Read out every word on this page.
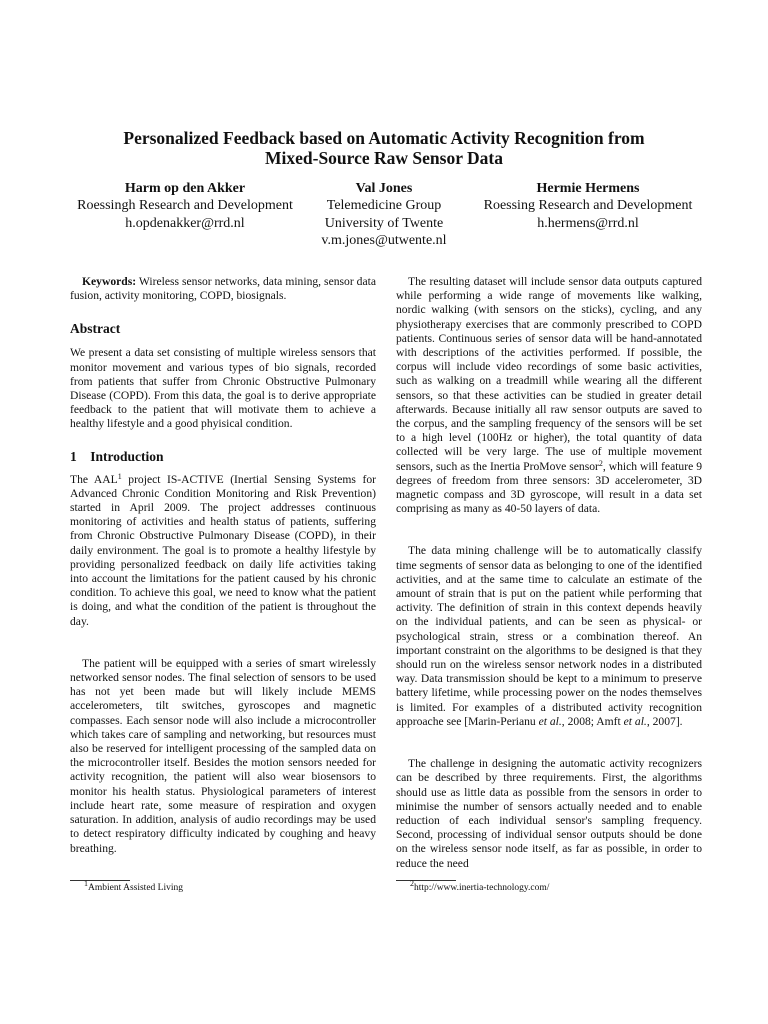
Personalized Feedback based on Automatic Activity Recognition from
Mixed-Source Raw Sensor Data
Harm op den Akker
Roessingh Research and Development
h.opdenakker@rrd.nl
Val Jones
Telemedicine Group
University of Twente
v.m.jones@utwente.nl
Hermie Hermens
Roessing Research and Development
h.hermens@rrd.nl

Keywords: Wireless sensor networks, data mining, sensor data fusion, activity monitoring, COPD, biosignals.

Abstract

We present a data set consisting of multiple wireless sensors that monitor movement and various types of bio signals, recorded from patients that suffer from Chronic Obstructive Pulmonary Disease (COPD). From this data, the goal is to derive appropriate feedback to the patient that will motivate them to achieve a healthy lifestyle and a good phyisical condition.

1    Introduction

The AAL$^1$ project IS-ACTIVE (Inertial Sensing Systems for Advanced Chronic Condition Monitoring and Risk Prevention) started in April 2009. The project addresses continuous monitoring of activities and health status of patients, suffering from Chronic Obstructive Pulmonary Disease (COPD), in their daily environment. The goal is to promote a healthy lifestyle by providing personalized feedback on daily life activities taking into account the limitations for the patient caused by his chronic condition. To achieve this goal, we need to know what the patient is doing, and what the condition of the patient is throughout the day.

The patient will be equipped with a series of smart wirelessly networked sensor nodes. The final selection of sensors to be used has not yet been made but will likely include MEMS accelerometers, tilt switches, gyroscopes and magnetic compasses. Each sensor node will also include a microcontroller which takes care of sampling and networking, but resources must also be reserved for intelligent processing of the sampled data on the microcontroller itself. Besides the motion sensors needed for activity recognition, the patient will also wear biosensors to monitor his health status. Physiological parameters of interest include heart rate, some measure of respiration and oxygen saturation. In addition, analysis of audio recordings may be used to detect respiratory difficulty indicated by coughing and heavy breathing.

The resulting dataset will include sensor data outputs captured while performing a wide range of movements like walking, nordic walking (with sensors on the sticks), cycling, and any physiotherapy exercises that are commonly prescribed to COPD patients. Continuous series of sensor data will be hand-annotated with descriptions of the activities performed. If possible, the corpus will include video recordings of some basic activities, such as walking on a treadmill while wearing all the different sensors, so that these activities can be studied in greater detail afterwards. Because initially all raw sensor outputs are saved to the corpus, and the sampling frequency of the sensors will be set to a high level (100Hz or higher), the total quantity of data collected will be very large. The use of multiple movement sensors, such as the Inertia ProMove sensor$^2$, which will feature 9 degrees of freedom from three sensors: 3D accelerometer, 3D magnetic compass and 3D gyroscope, will result in a data set comprising as many as 40-50 layers of data.

The data mining challenge will be to automatically classify time segments of sensor data as belonging to one of the identified activities, and at the same time to calculate an estimate of the amount of strain that is put on the patient while performing that activity. The definition of strain in this context depends heavily on the individual patients, and can be seen as physical- or psychological strain, stress or a combination thereof. An important constraint on the algorithms to be designed is that they should run on the wireless sensor network nodes in a distributed way. Data transmission should be kept to a minimum to preserve battery lifetime, while processing power on the nodes themselves is limited. For examples of a distributed activity recognition approache see [Marin-Perianu et al., 2008; Amft et al., 2007].

The challenge in designing the automatic activity recognizers can be described by three requirements. First, the algorithms should use as little data as possible from the sensors in order to minimise the number of sensors actually needed and to enable reduction of each individual sensor's sampling frequency. Second, processing of individual sensor outputs should be done on the wireless sensor node itself, as far as possible, in order to reduce the need

$^1$Ambient Assisted Living	$^2$http://www.inertia-technology.com/
